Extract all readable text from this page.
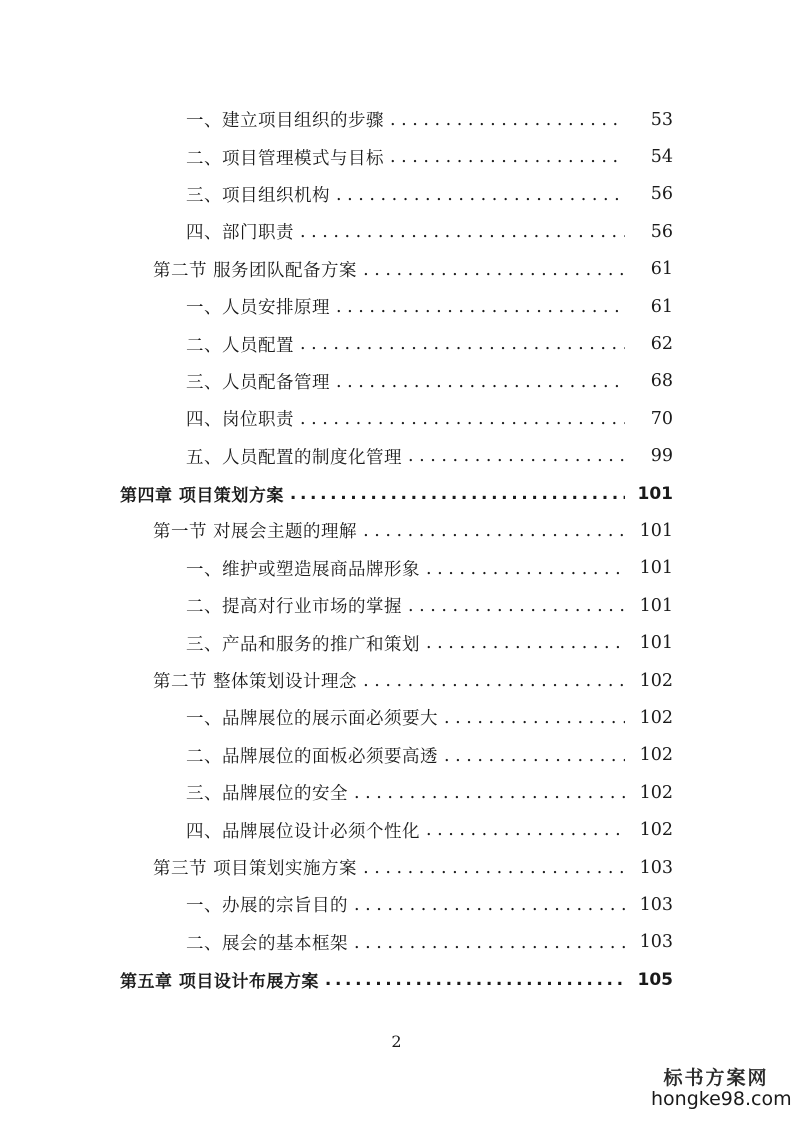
一、建立项目组织的步骤 . . .	53
二、项目管理模式与目标 . . .	54
三、项目组织机构 . . .	56
四、部门职责 . . .	56
第二节 服务团队配备方案 . . .	61
一、人员安排原理 . . .	61
二、人员配置 . . .	62
三、人员配备管理 . . .	68
四、岗位职责 . . .	70
五、人员配置的制度化管理 . . .	99
第四章 项目策划方案 .....	101
第一节 对展会主题的理解 . . .	101
一、维护或塑造展商品牌形象 . . .	101
二、提高对行业市场的掌握 . . .	101
三、产品和服务的推广和策划 . . .	101
第二节 整体策划设计理念 . . .	102
一、品牌展位的展示面必须要大 . . .	102
二、品牌展位的面板必须要高透 . . .	102
三、品牌展位的安全 . . .	102
四、品牌展位设计必须个性化 . . .	102
第三节 项目策划实施方案 . . .	103
一、办展的宗旨目的 . . .	103
二、展会的基本框架 . . .	103
第五章 项目设计布展方案 .....	105
2
标书方案网
hongke98.com
